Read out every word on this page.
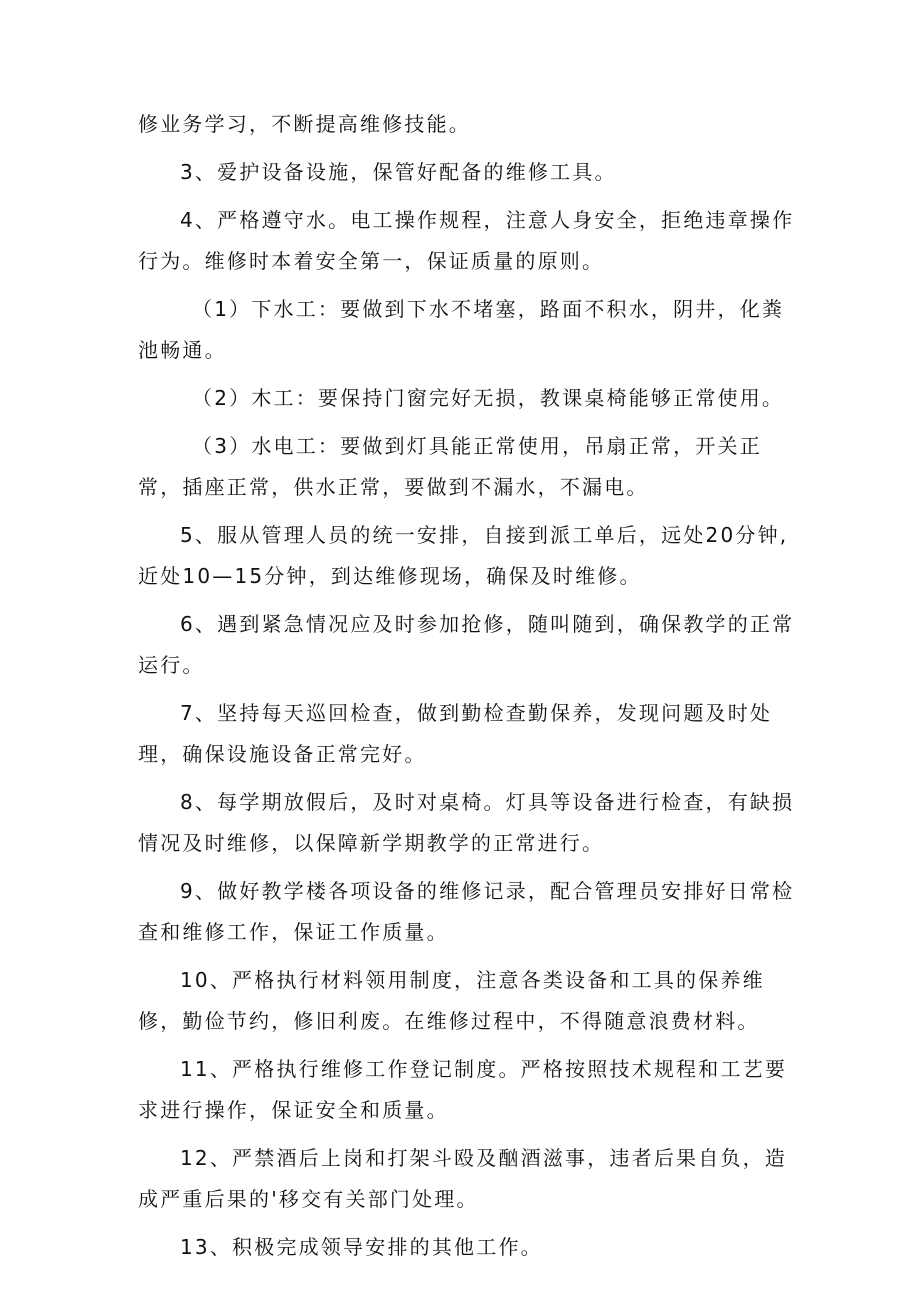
修业务学习，不断提高维修技能。

3、爱护设备设施，保管好配备的维修工具。

4、严格遵守水。电工操作规程，注意人身安全，拒绝违章操作行为。维修时本着安全第一，保证质量的原则。

（1）下水工：要做到下水不堵塞，路面不积水，阴井，化粪池畅通。

（2）木工：要保持门窗完好无损，教课桌椅能够正常使用。

（3）水电工：要做到灯具能正常使用，吊扇正常，开关正常，插座正常，供水正常，要做到不漏水，不漏电。

5、服从管理人员的统一安排，自接到派工单后，远处20分钟,近处10—15分钟，到达维修现场，确保及时维修。

6、遇到紧急情况应及时参加抢修，随叫随到，确保教学的正常运行。

7、坚持每天巡回检查，做到勤检查勤保养，发现问题及时处理，确保设施设备正常完好。

8、每学期放假后，及时对桌椅。灯具等设备进行检查，有缺损情况及时维修，以保障新学期教学的正常进行。

9、做好教学楼各项设备的维修记录，配合管理员安排好日常检查和维修工作，保证工作质量。

10、严格执行材料领用制度，注意各类设备和工具的保养维修，勤俭节约，修旧利废。在维修过程中，不得随意浪费材料。

11、严格执行维修工作登记制度。严格按照技术规程和工艺要求进行操作，保证安全和质量。

12、严禁酒后上岗和打架斗殴及酗酒滋事，违者后果自负，造成严重后果的'移交有关部门处理。

13、积极完成领导安排的其他工作。
